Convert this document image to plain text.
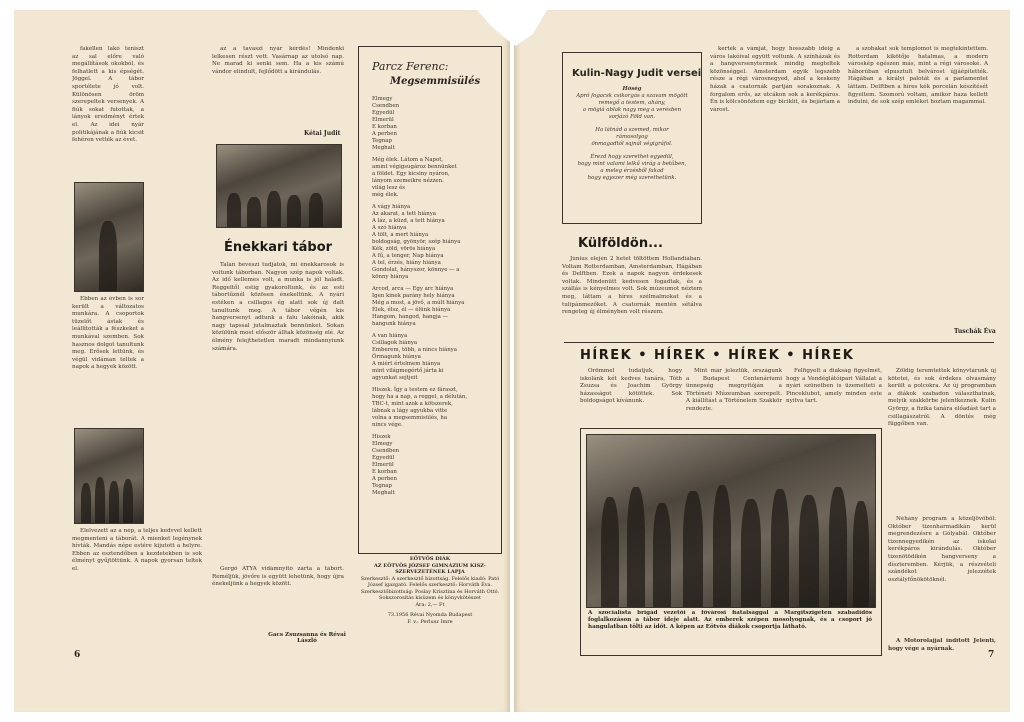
fakéllen lakó teniszt az sal előre való megállítások okokból, és felhatlett a kis épségét. Jöggel. A tábor sportélete jó volt. Különösen öröm szerepeltek versenyek. A fiúk sokat futottak, a lányok eredményt értek el. Az idei nyár politikájának a fiúk kicsit fehéren vették az évet.

Ebben az évben is sor került a változatos munkára. A csoportok tüzelőt ástak és leállították a fészkeket a munkával szemben. Sok hasznos dolgot tanultunk meg. Erősek lettünk, és végül vidáman teltek a napok a hegyek között.

Elelvezett az a nép, a teljes kedvvel kellett megmenteni a táborát. A mienket legénynek hívták. Mandás népe estére kijutott a helyre. Ebben az esztendőben a kezdetekben is sok élményt gyűjtöttünk. A napok gyorsan teltek el.

az a tavaszi nyár kérdés! Mindenki lelkesen részt vett. Vasárnap az utolsó nap. Ne marad ki senki sem. Ha a kis számú vándor elindult, fejlődött a kirándulás.

Kétai Judit
Énekkari tábor

Talán beveszi tudjátok, mi énekkarosok is voltunk táborban. Nagyon szép napok voltak. Az idő kellemes volt, a munka is jól haladt. Reggeltől estig gyakoroltunk, és az esti tábortűznél közösen énekeltünk. A nyári estéken a csillagos ég alatt sok új dalt tanultunk meg. A tábor végén kis hangversenyt adtunk a falu lakóinak, akik nagy tapssal jutalmaztak bennünket. Sokan közülünk most először álltak közönség elé. Az élmény felejthetetlen maradt mindannyiunk számára.

Gergő ATYA vidámnyitó zárta a tábort. Reméljük, jövőre is együtt lehetünk, hogy újra énekeljünk a hegyek között.

Gacs Zsuzsanna és Révai László
Parcz Ferenc:
Megsemmisülés
Elmegy
Csendben
Egyedül
Elmerül
E korban
A perben
Tegnap
Meghalt
Még élek. Látom a Napot,
amint végigsugároz bennünket
a földet. Egy kicsiny nyáron,
lányom szemeikre nézzen.
világ lesz és
még élek.
A vágy hiánya
Az akarat, a tett hiánya
A láz, a küzd, a tett hiánya
A szó hiánya
A tölt, a mert hiánya
boldogság, gyönyör, szép hiánya
Kék, zöld, vörös hiánya
A fű, a tenger, Nap hiánya
A tel, érzés, hiány hiánya
Gondolat, hányszor, könnye — a
könny hiánya
Arcod, arca — Egy arc hiánya
Igen kinek parány hely hiánya
Még a most, a jövő, a múlt hiánya
Élek, élsz, él — élünk hiánya
Hangom, hangod, hangja —
hangunk hiánya
A van hiánya
Csillagok hiánya
Emberem, több, a nincs hiánya
Őrmagunk hiánya
A miért értelmem hiánya
mint világmegértő járta ki
agyunkat sejtjeit
Hiszek. Így a testem ez fáraszt,
hogy ha a nap, a reggel, a délután,
TBC-t, mint azok a kötszerek,
lábnak a lágy agyukba vitte
volna a megsemmisülés, ha
nincs vége.
Hiszek
Elmegy
Csendben
Egyedül
Elmerül
E korban
A perben
Tegnap
Meghalt
EÖTVÖS DIÁK
AZ EÖTVÖS JÓZSEF GIMNÁZIUM KISZ-SZERVEZETÉNEK LAPJA
Szerkesztő: A szerkesztő bizottság. Felelős kiadó: Pató József igazgató. Felelős szerkesztő: Horváth Éva. Szerkesztőbizottság: Poslay Krisztina és Horváth Ottó.
Sokszorosítás kisüzem és könyvkötészet
Ára: 2,— Ft
73.1956 Révai Nyomda Budapest
F. v.: Perlusz Imre
6
Kulin-Nagy Judit versei
Hőség
Apró fogacsk csikorgás a szavam mögött
remegő a testem, ahány,
a mögiá ablak nagy meg a verésben
sorjázó Föld van.
Ha látnád a szemed, mikor
rámosolyog
önmagadtól sajnál végigráfol.
Érezd hogy szerethet egyedül,
hogy mint valami lelkű virág a betűben,
a meleg érzésből fakad
hogy egyszer még szerethetünk.
Külföldön...

Június elején 2 hetet töltöttem Hollandiában. Voltam Rotterdamban, Amsterdamban, Hágában és Delftben. Ezek a napok nagyon érdekesek voltak. Mindenütt kedvesen fogadtak, és a szállás is kényelmes volt. Sok múzeumot néztem meg, láttam a híres szélmalmokat és a tulipánmezőket. A csatornák mentén sétálva rengeteg új élményben volt részem.

kertek a vámját, hogy hosszabb ideig a város lakóival együtt voltunk. A színházak és a hangversenytermek mindig megteltek közönséggel. Amsterdam egyik legszebb része a régi városnegyed, ahol a keskeny házak a csatornák partján sorakoznak. A forgalom erős, az utcákon sok a kerékpáros. Én is kölcsönöztem egy biciklit, és bejártam a várost.

a szobákat sok templomot is megtekintettem. Rotterdam kikötője hatalmas, a modern városkép egészen más, mint a régi városoké. A háborúban elpusztult belvárost újjáépítették. Hágában a királyi palotát és a parlamentet láttam. Delftben a híres kék porcelán készítését figyeltem. Szomorú voltam, amikor haza kellett indulni, de sok szép emléket hoztam magammal.

Tuschák Éva
7
HÍREK • HÍREK • HÍREK • HÍREK

Örömmel tudatjuk, hogy iskolánk két kedves tanára, Tóth Zsuzsa és Joachim György házasságot kötöttek. Sok boldogságot kívánunk.

Mint már jeleztük, országunk a Budapest Centenáriumi ünnepség megnyitóján a Történeti Múzeumban szerepelt. A kiállítást a Történelem Szakkör rendezte.

Felfigyelt a diákság figyelmét, hogy a Vendéglátóipari Vállalat a nyári szünetben is üzemelteti a Pinceklubot, amely minden este nyitva tart.

A szocialista brigád vezetői a fővárosi fiatalsággal a Margitszigeten szabadidős foglalkozáson a tábor ideje alatt. Az emberek szépen mosolyognak, és a csoport jó hangulatban tölti az időt. A képen az Eötvös diákok csoportja látható.

Zöldig teremtettek könyvtárunk új kötetei, és sok érdekes olvasmány került a polcokra. Az új programban a diákok szabadon választhatnak, melyik szakkörbe jelentkeznek. Kulin György, a fizika tanára előadást tart a csillagászatról. A döntés még függőben van.

Néhány program a közeljövőből: Október tizenharmadikán kerül megrendezésre a Gólyabál. Október tizennegyedikén az iskolai kerékpáros kirándulás. Október tizenötödikén hangverseny a díszteremben. Kérjük, a részvételi szándékot jelezzétek osztályfőnökötöknél.

A Motorolajjal indított Jelenti, hogy vége a nyárnak.
